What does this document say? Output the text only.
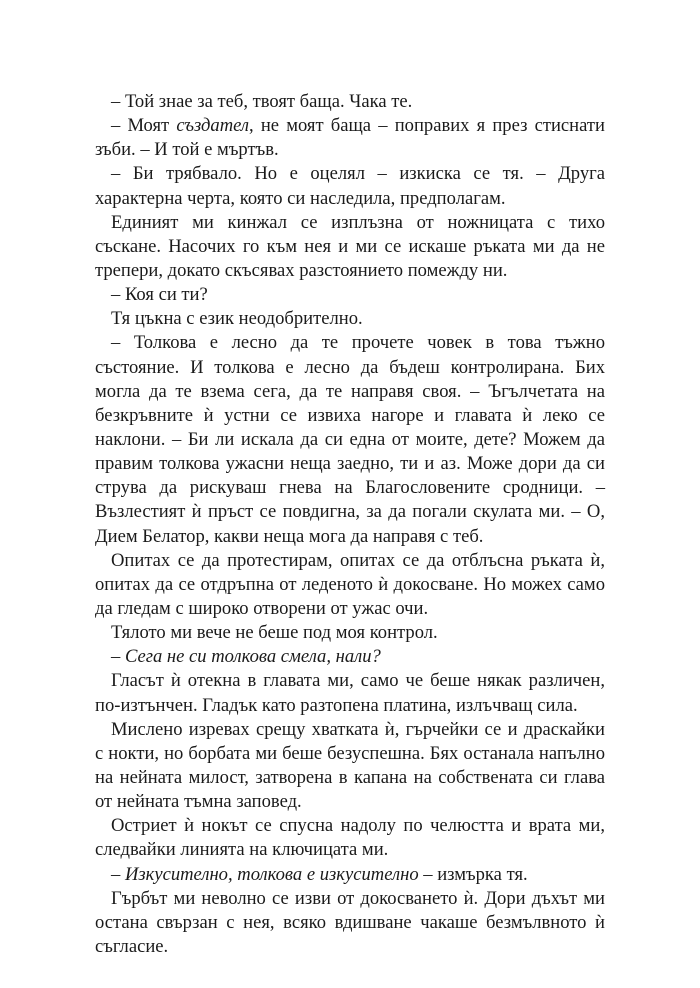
– Той знае за теб, твоят баща. Чака те.
– Моят създател, не моят баща – поправих я през стиснати
зъби. – И той е мъртъв.
– Би трябвало. Но е оцелял – изкиска се тя. – Друга
характерна черта, която си наследила, предполагам.
Единият ми кинжал се изплъзна от ножницата с тихо
съскане. Насочих го към нея и ми се искаше ръката ми да не
трепери, докато скъсявах разстоянието помежду ни.
– Коя си ти?
Тя цъкна с език неодобрително.
– Толкова е лесно да те прочете човек в това тъжно
състояние. И толкова е лесно да бъдеш контролирана. Бих
могла да те взема сега, да те направя своя. – Ъгълчетата на
безкръвните ѝ устни се извиха нагоре и главата ѝ леко се
наклони. – Би ли искала да си една от моите, дете? Можем да
правим толкова ужасни неща заедно, ти и аз. Може дори да си
струва да рискуваш гнева на Благословените сродници. –
Възлестият ѝ пръст се повдигна, за да погали скулата ми. – О,
Дием Белатор, какви неща мога да направя с теб.
Опитах се да протестирам, опитах се да отблъсна ръката ѝ,
опитах да се отдръпна от леденото ѝ докосване. Но можех само
да гледам с широко отворени от ужас очи.
Тялото ми вече не беше под моя контрол.
– Сега не си толкова смела, нали?
Гласът ѝ отекна в главата ми, само че беше някак различен,
по-изтънчен. Гладък като разтопена платина, излъчващ сила.
Мислено изревах срещу хватката ѝ, гърчейки се и драскайки
с нокти, но борбата ми беше безуспешна. Бях останала напълно
на нейната милост, затворена в капана на собствената си глава
от нейната тъмна заповед.
Остриет ѝ нокът се спусна надолу по челюстта и врата ми,
следвайки линията на ключицата ми.
– Изкусително, толкова е изкусително – измърка тя.
Гърбът ми неволно се изви от докосването ѝ. Дори дъхът ми
остана свързан с нея, всяко вдишване чакаше безмълвното ѝ
съгласие.
